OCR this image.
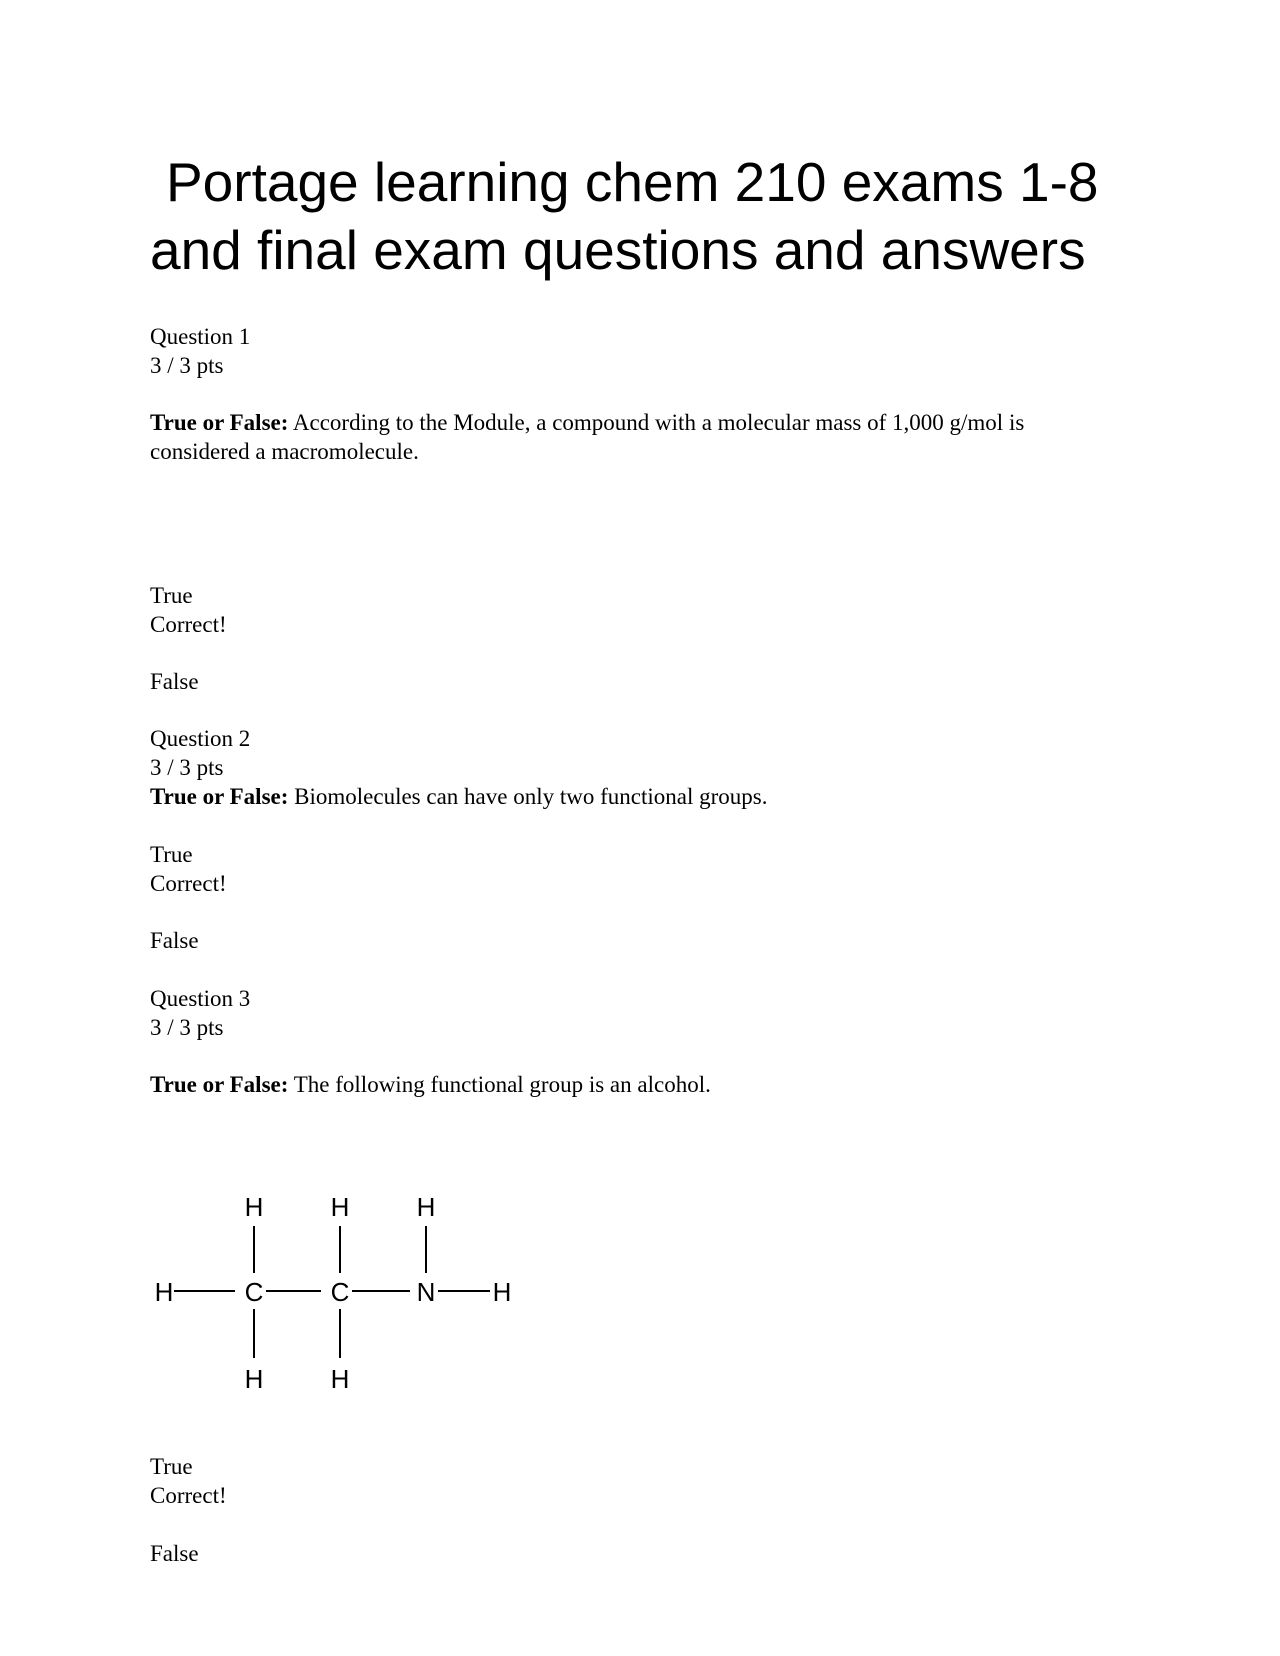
Portage learning chem 210 exams 1-8
and final exam questions and answers
Question 1
3 / 3 pts
True or False: According to the Module, a compound with a molecular mass of 1,000 g/mol is considered a macromolecule.
True
Correct!
False
Question 2
3 / 3 pts
True or False: Biomolecules can have only two functional groups.
True
Correct!
False
Question 3
3 / 3 pts
True or False: The following functional group is an alcohol.
H	C	C	N H
H	H	H
H	H
True
Correct!
False
